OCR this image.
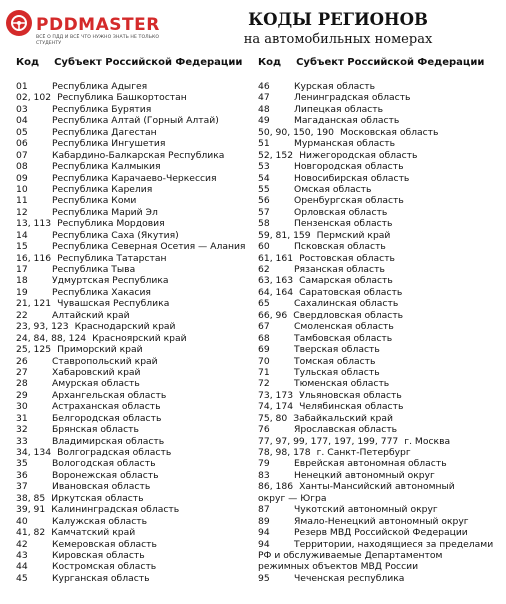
PDDMASTER
ВСЁ О ПДД И ВСЁ ЧТО НУЖНО ЗНАТЬ НЕ ТОЛЬКО СТУДЕНТУ
КОДЫ РЕГИОНОВ
на автомобильных номерах
Код Субъект Российской Федерации Код Субъект Российской Федерации
01	Республика Адыгея
02, 102 Республика Башкортостан
03	Республика Бурятия
04	Республика Алтай (Горный Алтай)
05	Республика Дагестан
06	Республика Ингушетия
07	Кабардино-Балкарская Республика
08	Республика Калмыкия
09	Республика Карачаево-Черкессия
10	Республика Карелия
11	Республика Коми
12	Республика Марий Эл
13, 113 Республика Мордовия
14	Республика Саха (Якутия)
15	Республика Северная Осетия — Алания
16, 116 Республика Татарстан
17	Республика Тыва
18	Удмуртская Республика
19	Республика Хакасия
21, 121 Чувашская Республика
22	Алтайский край
23, 93, 123 Краснодарский край
24, 84, 88, 124 Красноярский край
25, 125 Приморский край
26	Ставропольский край
27	Хабаровский край
28	Амурская область
29	Архангельская область
30	Астраханская область
31	Белгородская область
32	Брянская область
33	Владимирская область
34, 134 Волгоградская область
35	Вологодская область
36	Воронежская область
37	Ивановская область
38, 85 Иркутская область
39, 91 Калининградская область
40	Калужская область
41, 82 Камчатский край
42	Кемеровская область
43	Кировская область
44	Костромская область
45	Курганская область
46	Курская область
47	Ленинградская область
48	Липецкая область
49	Магаданская область
50, 90, 150, 190 Московская область
51	Мурманская область
52, 152 Нижегородская область
53	Новгородская область
54	Новосибирская область
55	Омская область
56	Оренбургская область
57	Орловская область
58	Пензенская область
59, 81, 159 Пермский край
60	Псковская область
61, 161 Ростовская область
62	Рязанская область
63, 163 Самарская область
64, 164 Саратовская область
65	Сахалинская область
66, 96 Свердловская область
67	Смоленская область
68	Тамбовская область
69	Тверская область
70	Томская область
71	Тульская область
72	Тюменская область
73, 173 Ульяновская область
74, 174 Челябинская область
75, 80 Забайкальский край
76	Ярославская область
77, 97, 99, 177, 197, 199, 777 г. Москва
78, 98, 178 г. Санкт-Петербург
79	Еврейская автономная область
83	Ненецкий автономный округ
86, 186 Ханты-Мансийский автономный
округ — Югра
87	Чукотский автономный округ
89	Ямало-Ненецкий автономный округ
94	Резерв МВД Российской Федерации
94	Территории, находящиеся за пределами
РФ и обслуживаемые Департаментом
режимных объектов МВД России
95	Чеченская республика
